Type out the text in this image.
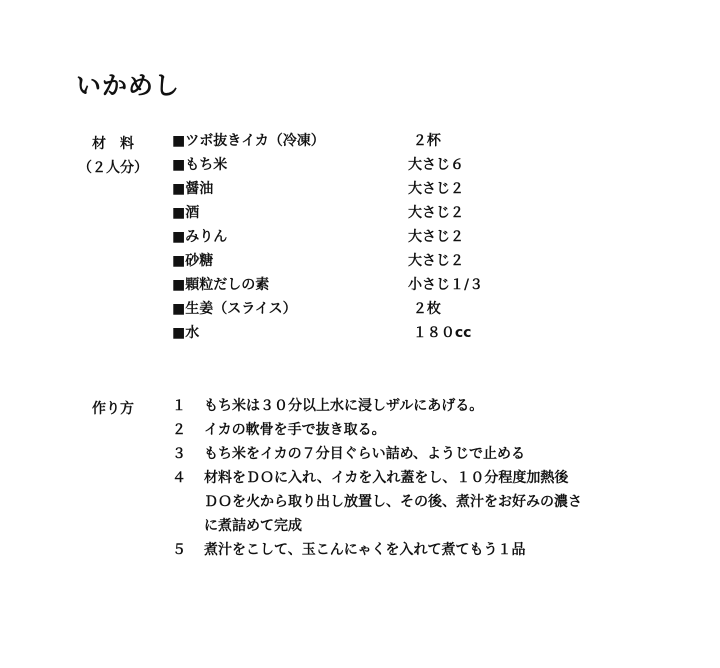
いかめし
材　料
（２人分）
■ツボ抜きイカ（冷凍）	２杯
■もち米	大さじ６
■醤油	大さじ２
■酒	大さじ２
■みりん	大さじ２
■砂糖	大さじ２
■顆粒だしの素	小さじ１/３
■生姜（スライス）	２枚
■水	１８０cc
作り方	１	もち米は３０分以上水に浸しザルにあげる。
２	イカの軟骨を手で抜き取る。
３	もち米をイカの７分目ぐらい詰め、ようじで止める
４	材料をＤＯに入れ、イカを入れ蓋をし、１０分程度加熱後
ＤＯを火から取り出し放置し、その後、煮汁をお好みの濃さ
に煮詰めて完成
５	煮汁をこして、玉こんにゃくを入れて煮てもう１品
